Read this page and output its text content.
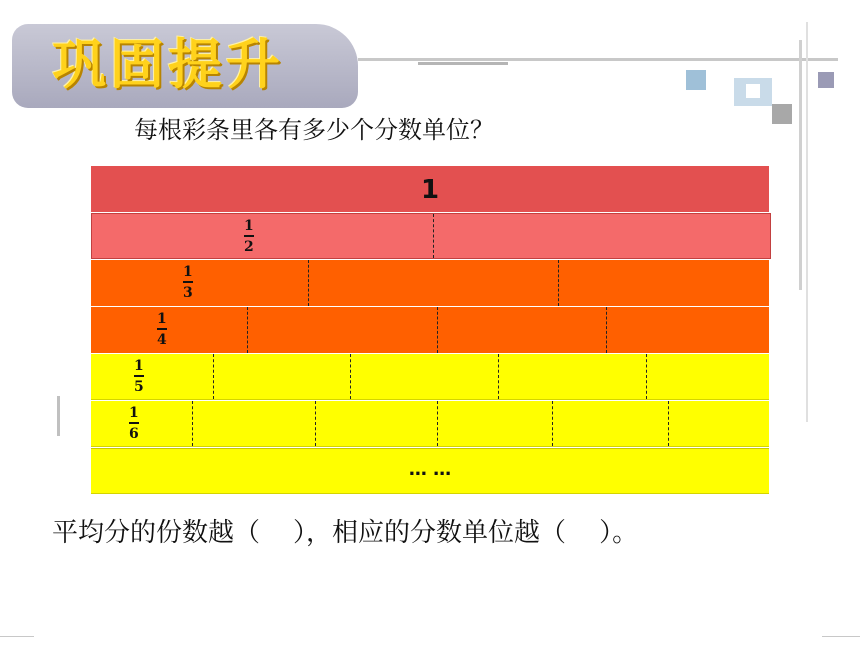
巩固提升
每根彩条里各有多少个分数单位？
1
$\frac{1}{2}$
$\frac{1}{3}$
$\frac{1}{4}$
$\frac{1}{5}$
$\frac{1}{6}$
… …
平均分的份数越（    ），相应的分数单位越（    ）。
